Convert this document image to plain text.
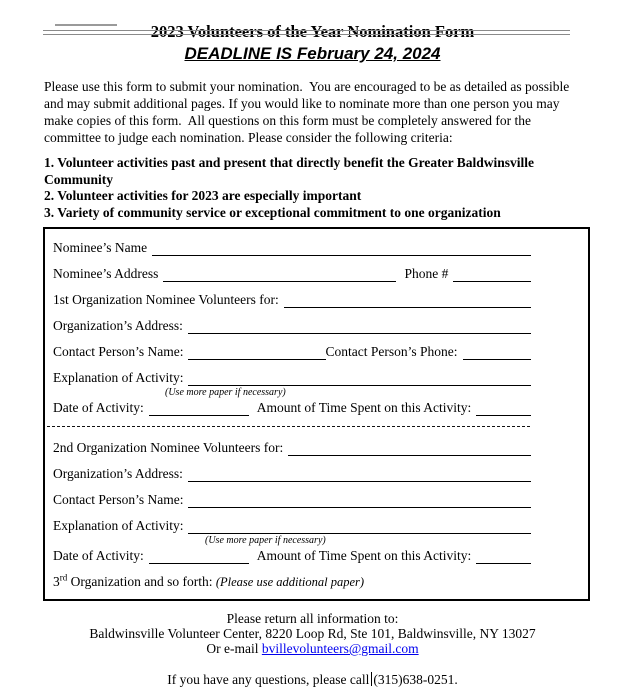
2023 Volunteers of the Year Nomination Form
DEADLINE IS February 24, 2024

Please use this form to submit your nomination.  You are encouraged to be as detailed as possible and may submit additional pages. If you would like to nominate more than one person you may make copies of this form.  All questions on this form must be completely answered for the committee to judge each nomination. Please consider the following criteria:

1. Volunteer activities past and present that directly benefit the Greater Baldwinsville Community
2. Volunteer activities for 2023 are especially important
3. Variety of community service or exceptional commitment to one organization
Nominee’s Name
Nominee’s Address	Phone #
1st Organization Nominee Volunteers for:
Organization’s Address:
Contact Person’s Name:	Contact Person’s Phone:
Explanation of Activity:
(Use more paper if necessary)
Date of Activity:	Amount of Time Spent on this Activity:
2nd Organization Nominee Volunteers for:
Organization’s Address:
Contact Person’s Name:
Explanation of Activity:
(Use more paper if necessary)
Date of Activity:	Amount of Time Spent on this Activity:
3rd Organization and so forth: (Please use additional paper)
Please return all information to:
Baldwinsville Volunteer Center, 8220 Loop Rd, Ste 101, Baldwinsville, NY 13027
Or e-mail bvillevolunteers@gmail.com
If you have any questions, please call (315)638-0251.
